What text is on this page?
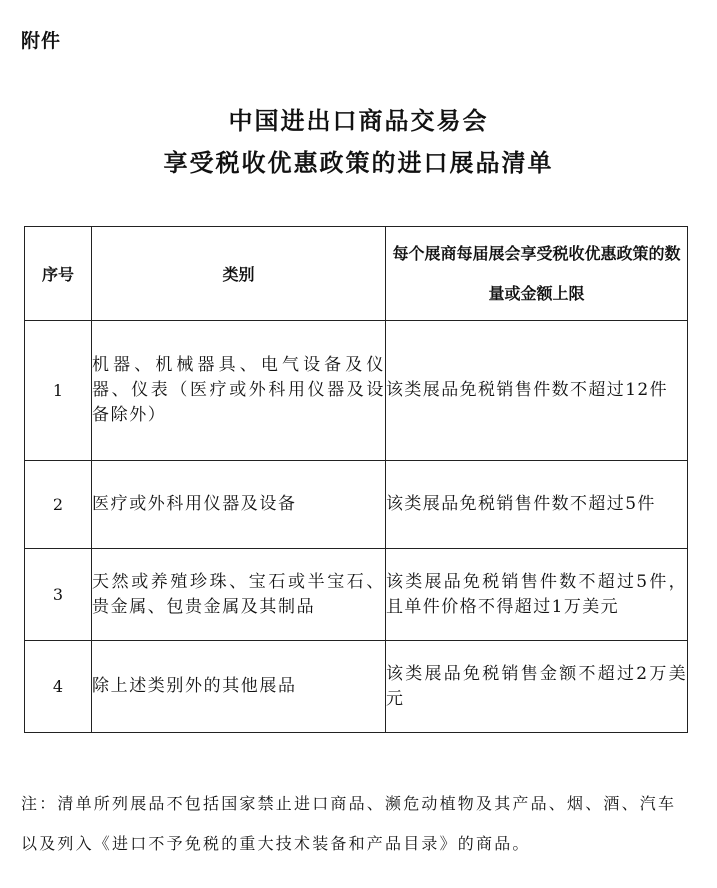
附件
中国进出口商品交易会
享受税收优惠政策的进口展品清单
序号	类别	每个展商每届展会享受税收优惠政策的数量或金额上限
1	机器、机械器具、电气设备及仪器、仪表（医疗或外科用仪器及设备除外）	该类展品免税销售件数不超过12件
2	医疗或外科用仪器及设备	该类展品免税销售件数不超过5件
3	天然或养殖珍珠、宝石或半宝石、贵金属、包贵金属及其制品	该类展品免税销售件数不超过5件，且单件价格不得超过1万美元
4	除上述类别外的其他展品	该类展品免税销售金额不超过2万美元
注：清单所列展品不包括国家禁止进口商品、濒危动植物及其产品、烟、酒、汽车以及列入《进口不予免税的重大技术装备和产品目录》的商品。
